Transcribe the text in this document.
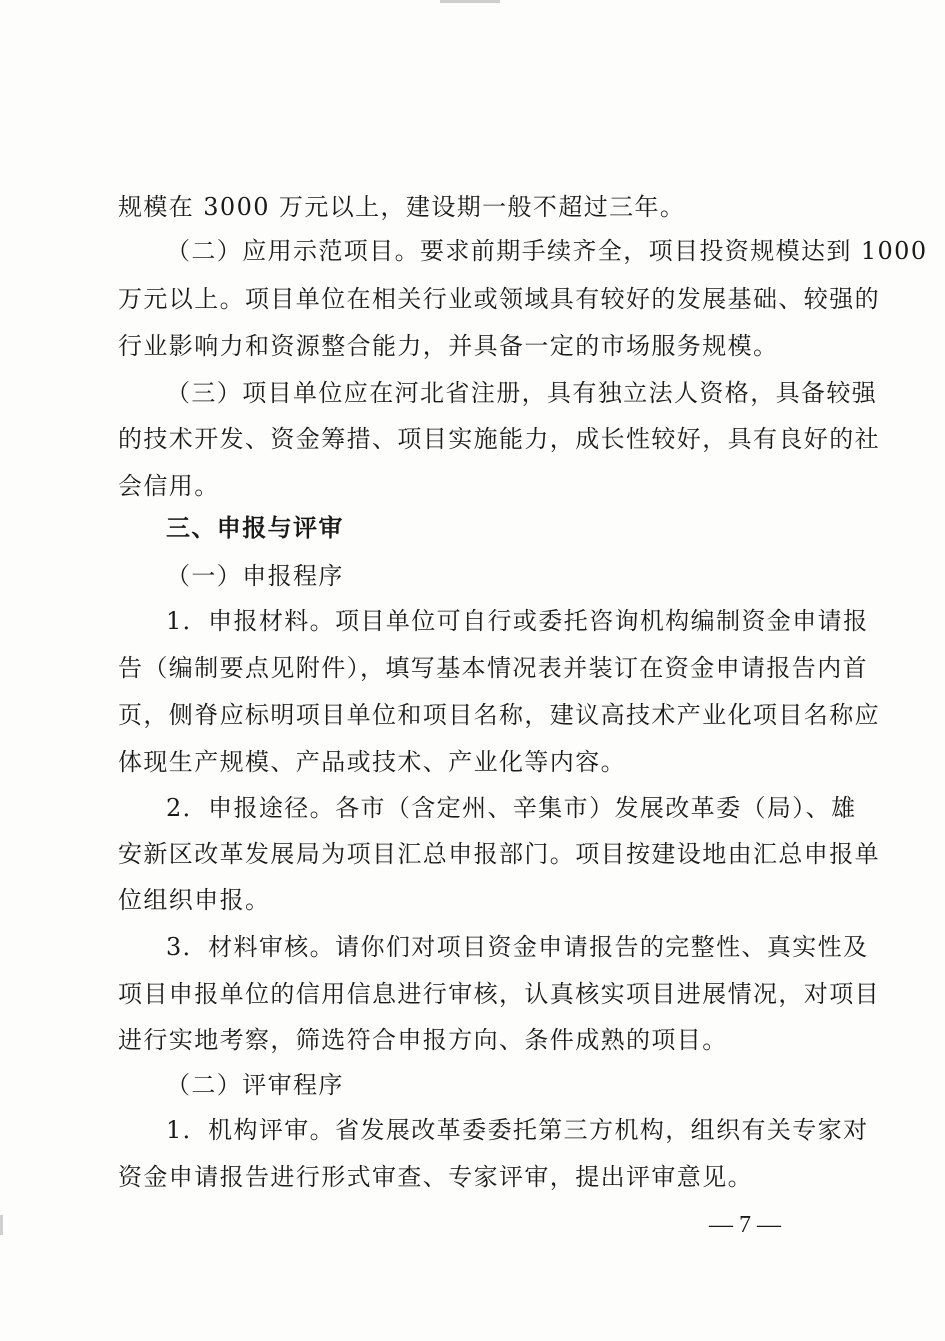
规模在 3000 万元以上，建设期一般不超过三年。
（二）应用示范项目。要求前期手续齐全，项目投资规模达到 1000
万元以上。项目单位在相关行业或领域具有较好的发展基础、较强的
行业影响力和资源整合能力，并具备一定的市场服务规模。
（三）项目单位应在河北省注册，具有独立法人资格，具备较强
的技术开发、资金筹措、项目实施能力，成长性较好，具有良好的社
会信用。
三、申报与评审
（一）申报程序
1．申报材料。项目单位可自行或委托咨询机构编制资金申请报
告（编制要点见附件），填写基本情况表并装订在资金申请报告内首
页，侧脊应标明项目单位和项目名称，建议高技术产业化项目名称应
体现生产规模、产品或技术、产业化等内容。
2．申报途径。各市（含定州、辛集市）发展改革委（局）、雄
安新区改革发展局为项目汇总申报部门。项目按建设地由汇总申报单
位组织申报。
3．材料审核。请你们对项目资金申请报告的完整性、真实性及
项目申报单位的信用信息进行审核，认真核实项目进展情况，对项目
进行实地考察，筛选符合申报方向、条件成熟的项目。
（二）评审程序
1．机构评审。省发展改革委委托第三方机构，组织有关专家对
资金申请报告进行形式审查、专家评审，提出评审意见。
— 7 —
